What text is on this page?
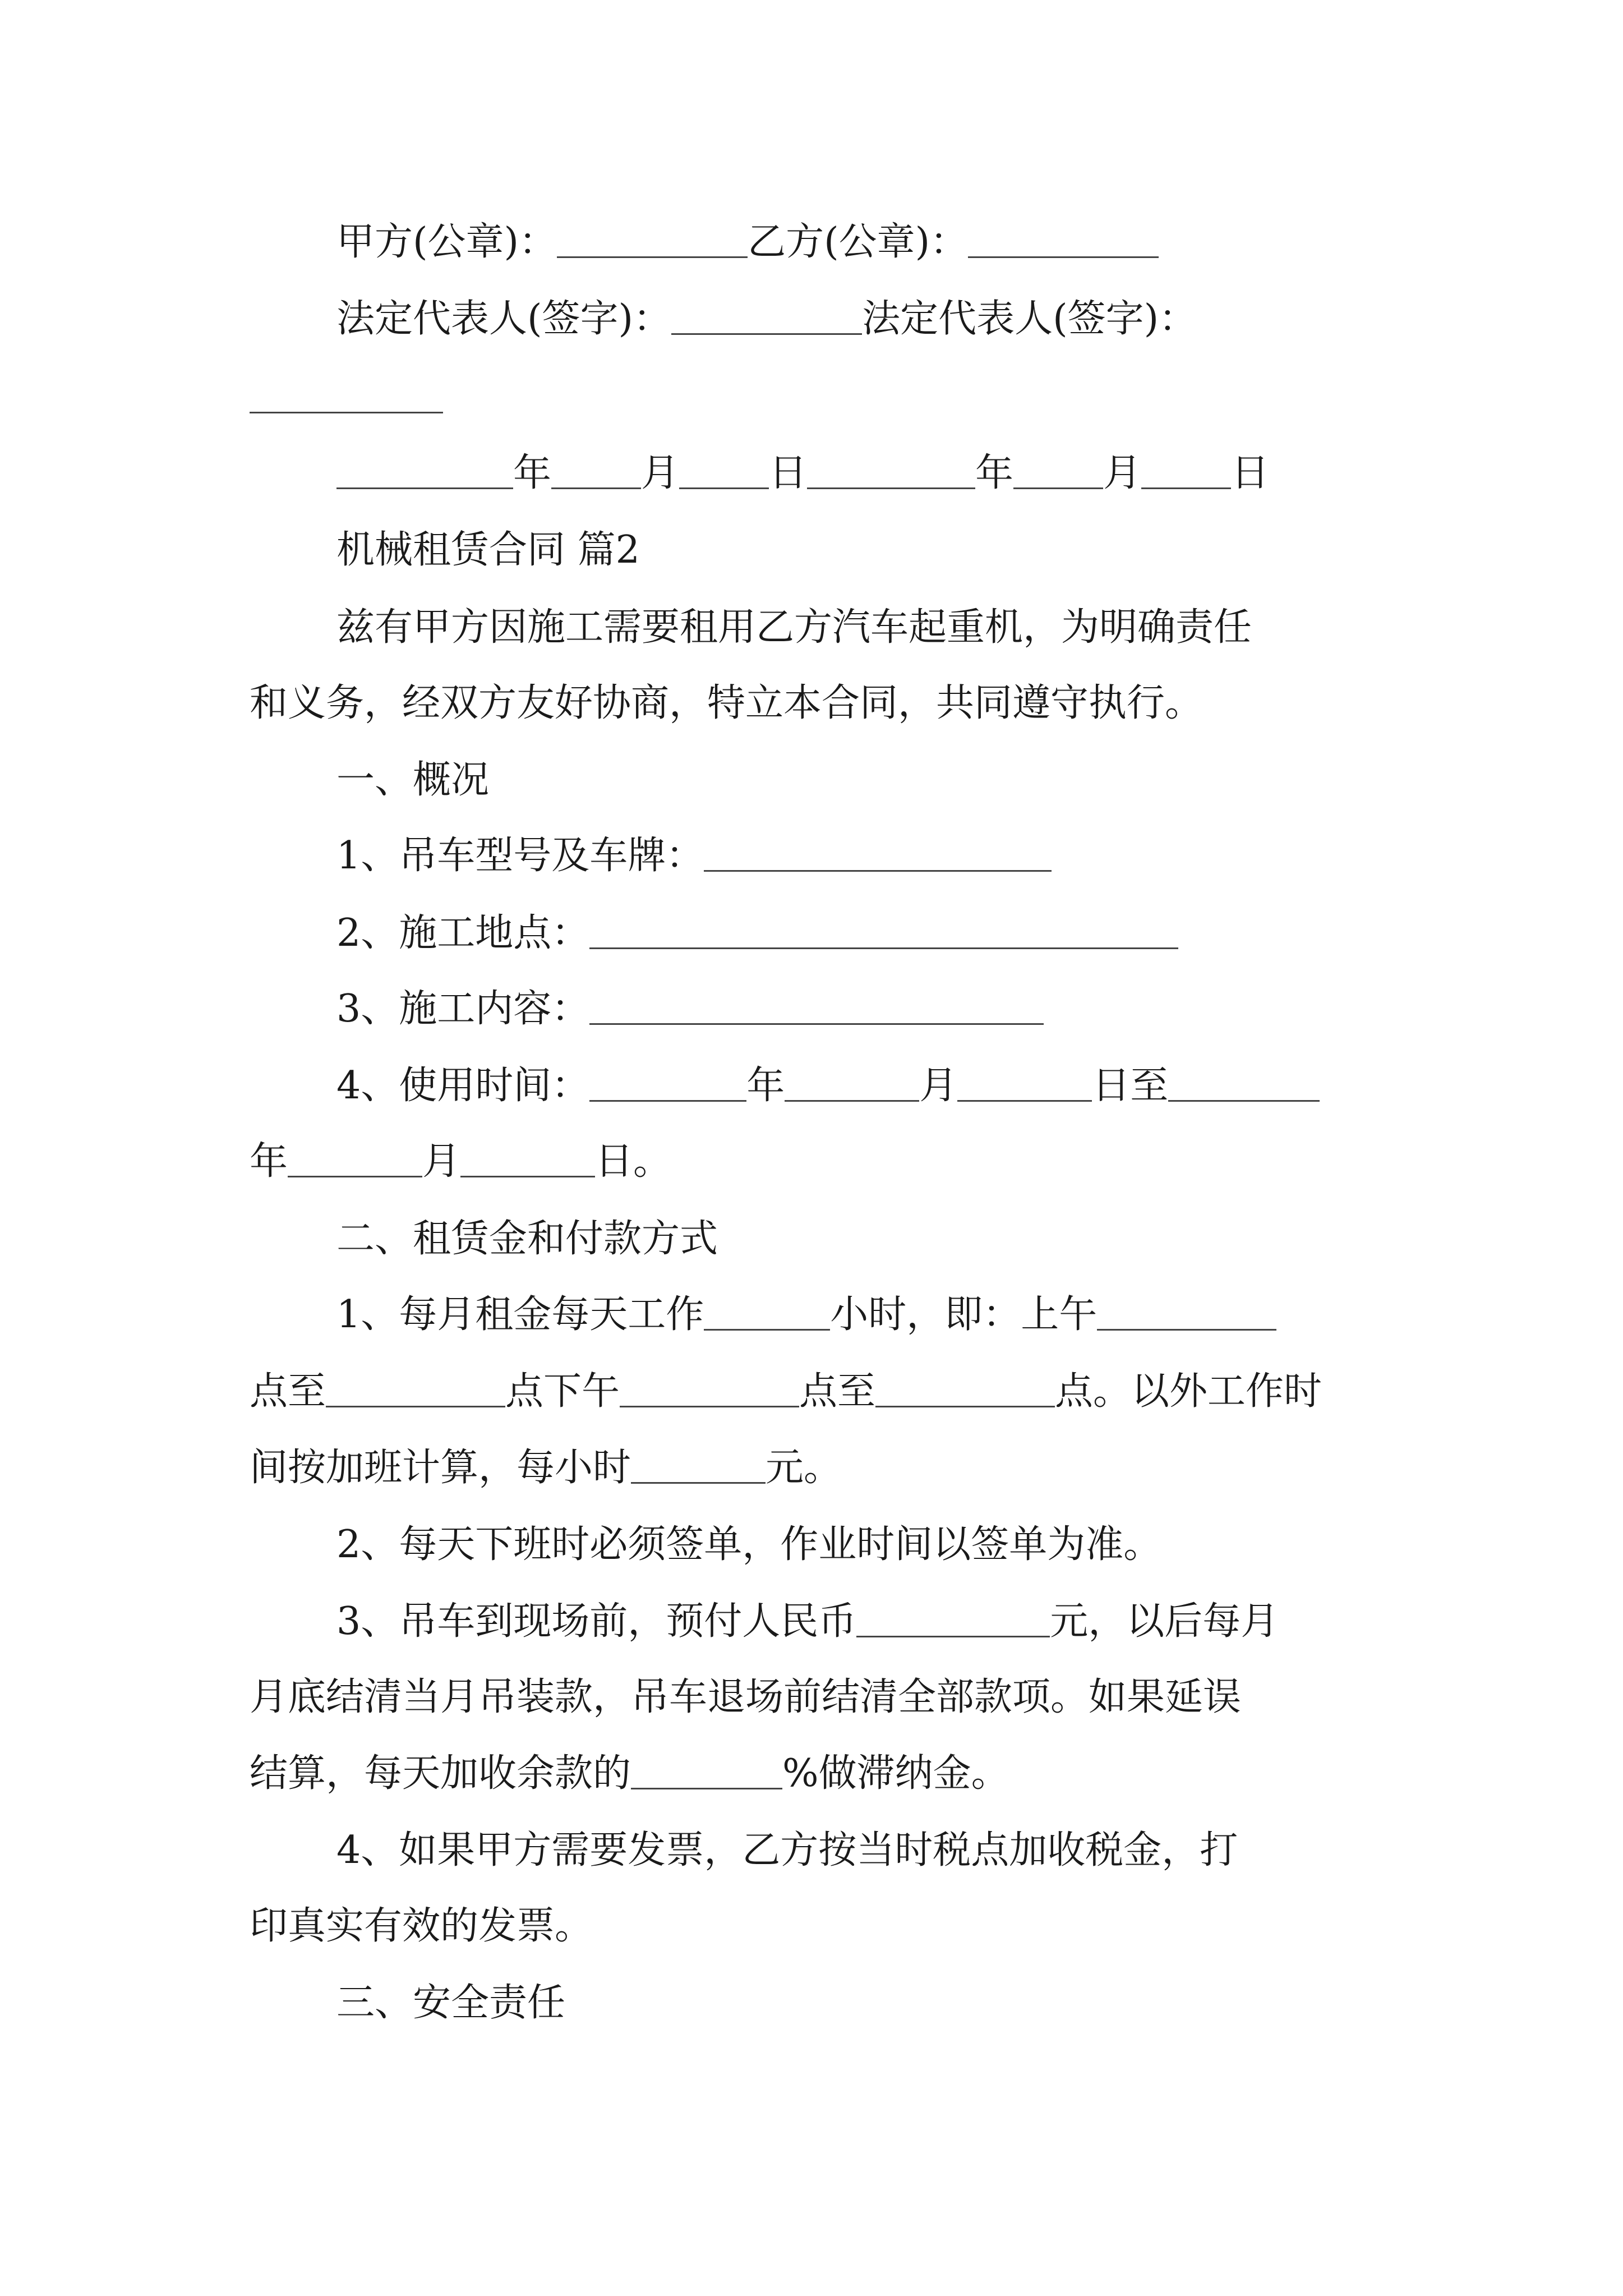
甲方(公章)：	乙方(公章)：
法定代表人(签字)：	法定代表人(签字)：
年 月 日	年 月 日
机械租赁合同 篇2
兹有甲方因施工需要租用乙方汽车起重机，为明确责任
和义务，经双方友好协商，特立本合同，共同遵守执行。
一、概况
1、吊车型号及车牌：
2、施工地点：
3、施工内容：
4、使用时间：	年	月	日至
年	月	日。
二、租赁金和付款方式
1、每月租金每天工作	小时，即：上午
点至	点下午	点至	点。以外工作时
间按加班计算，每小时	元。
2、每天下班时必须签单，作业时间以签单为准。
3、吊车到现场前，预付人民币	元，以后每月
月底结清当月吊装款，吊车退场前结清全部款项。如果延误
结算，每天加收余款的	%做滞纳金。
4、如果甲方需要发票，乙方按当时税点加收税金，打
印真实有效的发票。
三、安全责任
